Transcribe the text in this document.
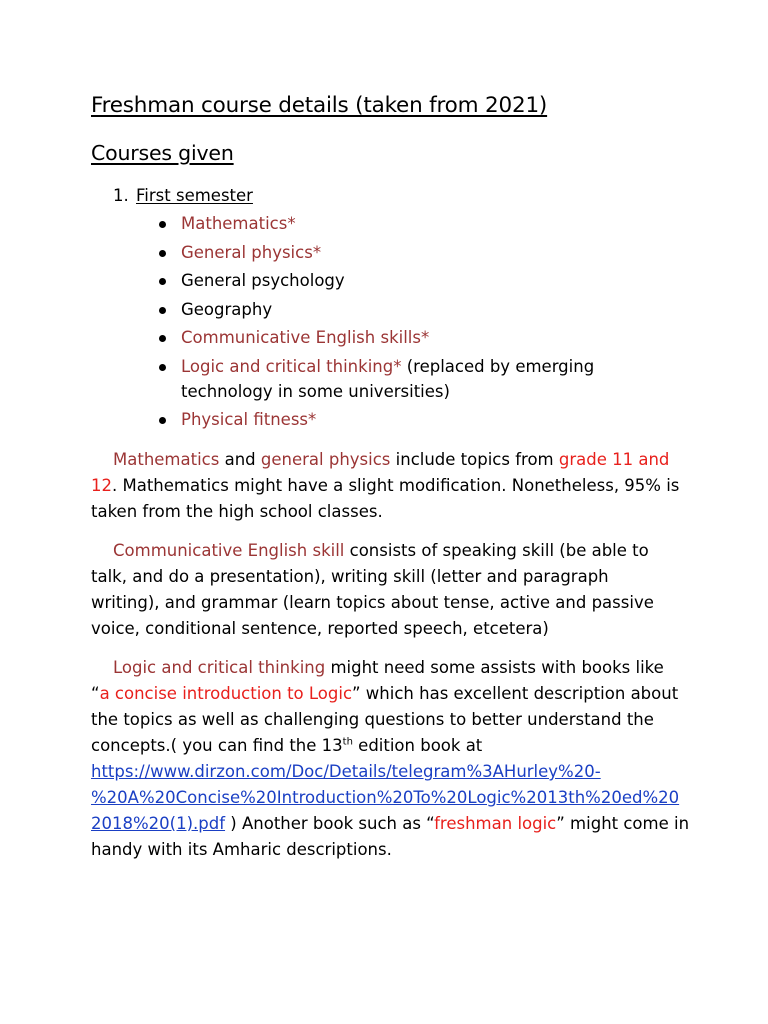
Freshman course details (taken from 2021)
Courses given
1. First semester
Mathematics*
General physics*
General psychology
Geography
Communicative English skills*
Logic and critical thinking* (replaced by emerging
technology in some universities)
Physical fitness*

Mathematics and general physics include topics from grade 11 and
12. Mathematics might have a slight modification. Nonetheless, 95% is
taken from the high school classes.

Communicative English skill consists of speaking skill (be able to
talk, and do a presentation), writing skill (letter and paragraph
writing), and grammar (learn topics about tense, active and passive
voice, conditional sentence, reported speech, etcetera)

Logic and critical thinking might need some assists with books like
“a concise introduction to Logic” which has excellent description about
the topics as well as challenging questions to better understand the
concepts.( you can find the 13th edition book at
https://www.dirzon.com/Doc/Details/telegram%3AHurley%20-
%20A%20Concise%20Introduction%20To%20Logic%2013th%20ed%20
2018%20(1).pdf ) Another book such as “freshman logic” might come in
handy with its Amharic descriptions.
